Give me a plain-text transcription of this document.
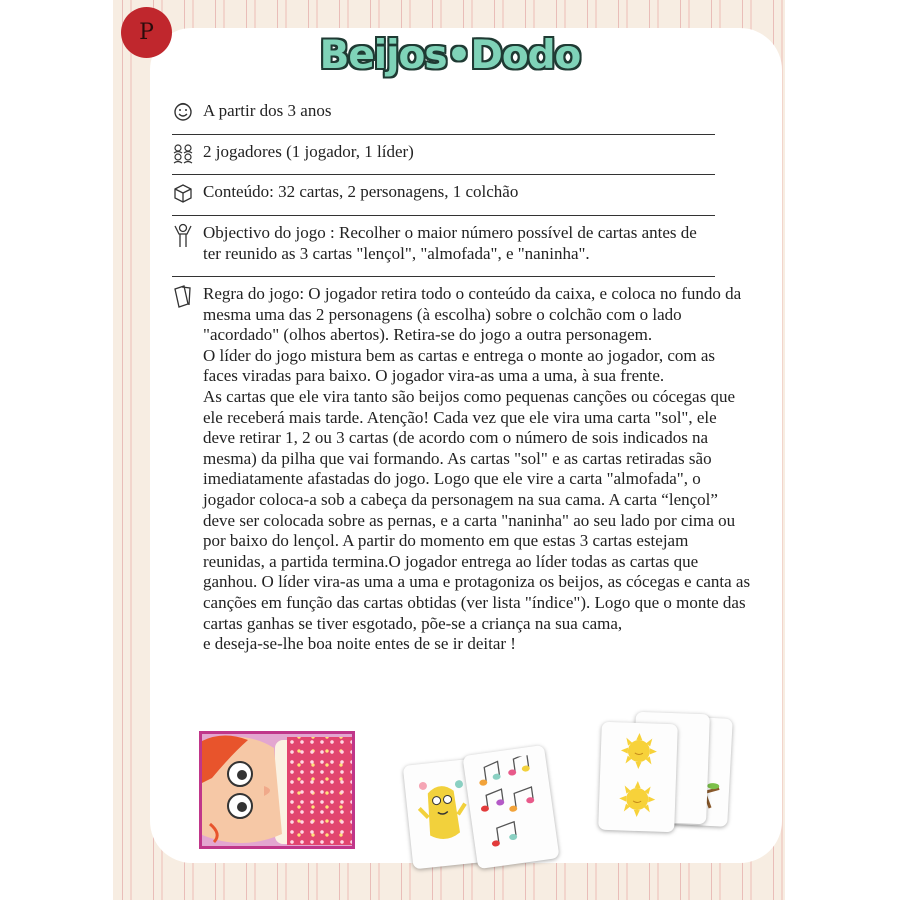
P
Beijos•Dodo
A partir dos 3 anos
2 jogadores (1 jogador, 1 líder)
Conteúdo: 32 cartas, 2 personagens, 1 colchão
Objectivo do jogo : Recolher o maior número possível de cartas antes de
ter reunido as 3 cartas "lençol", "almofada", e "naninha".

Regra do jogo: O jogador retira todo o conteúdo da caixa, e coloca no fundo da mesma uma das 2 personagens (à escolha) sobre o colchão com o lado "acordado" (olhos abertos). Retira-se do jogo a outra personagem.

O líder do jogo mistura bem as cartas e entrega o monte ao jogador, com as faces viradas para baixo. O jogador vira-as uma a uma, à sua frente.

As cartas que ele vira tanto são beijos como pequenas canções ou cócegas que ele receberá mais tarde. Atenção! Cada vez que ele vira uma carta "sol", ele deve retirar 1, 2 ou 3 cartas (de acordo com o número de sois indicados na mesma) da pilha que vai formando. As cartas "sol" e as cartas retiradas são imediatamente afastadas do jogo. Logo que ele vire a carta "almofada", o jogador coloca-a sob a cabeça da personagem na sua cama. A carta “lençol” deve ser colocada sobre as pernas, e a carta "naninha" ao seu lado por cima ou por baixo do lençol. A partir do momento em que estas 3 cartas estejam reunidas, a partida termina.O jogador entrega ao líder todas as cartas que ganhou. O líder vira-as uma a uma e protagoniza os beijos, as cócegas e canta as canções em função das cartas obtidas (ver lista "índice"). Logo que o monte das cartas ganhas se tiver esgotado, põe-se a criança na sua cama,

e deseja-se-lhe boa noite entes de se ir deitar !
